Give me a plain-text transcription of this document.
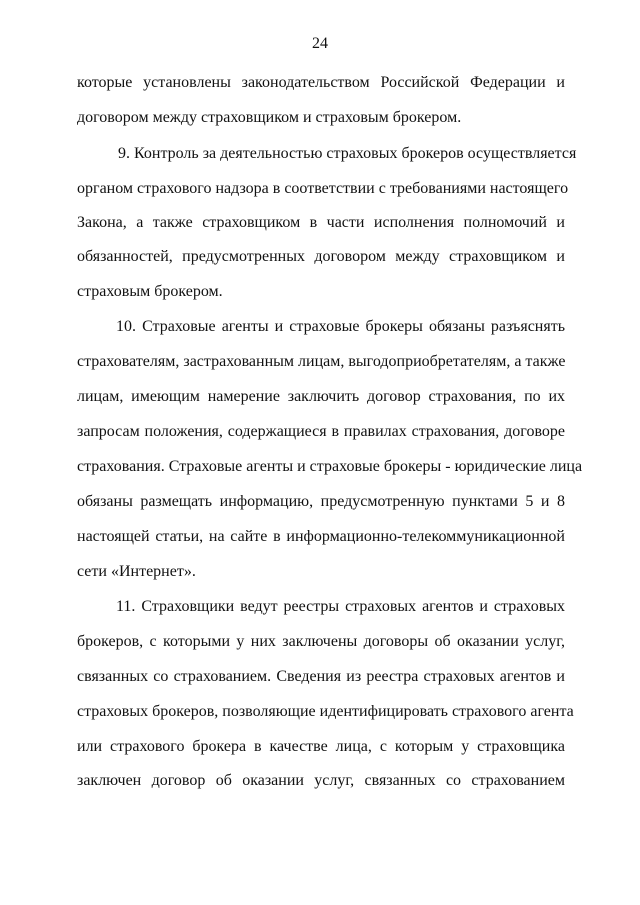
24
которые установлены законодательством Российской Федерации и
договором между страховщиком и страховым брокером.
9. Контроль за деятельностью страховых брокеров осуществляется
органом страхового надзора в соответствии с требованиями настоящего
Закона, а также страховщиком в части исполнения полномочий и
обязанностей, предусмотренных договором между страховщиком и
страховым брокером.
10. Страховые агенты и страховые брокеры обязаны разъяснять
страхователям, застрахованным лицам, выгодоприобретателям, а также
лицам, имеющим намерение заключить договор страхования, по их
запросам положения, содержащиеся в правилах страхования, договоре
страхования. Страховые агенты и страховые брокеры - юридические лица
обязаны размещать информацию, предусмотренную пунктами 5 и 8
настоящей статьи, на сайте в информационно-телекоммуникационной
сети «Интернет».
11. Страховщики ведут реестры страховых агентов и страховых
брокеров, с которыми у них заключены договоры об оказании услуг,
связанных со страхованием. Сведения из реестра страховых агентов и
страховых брокеров, позволяющие идентифицировать страхового агента
или страхового брокера в качестве лица, с которым у страховщика
заключен договор об оказании услуг, связанных со страхованием
